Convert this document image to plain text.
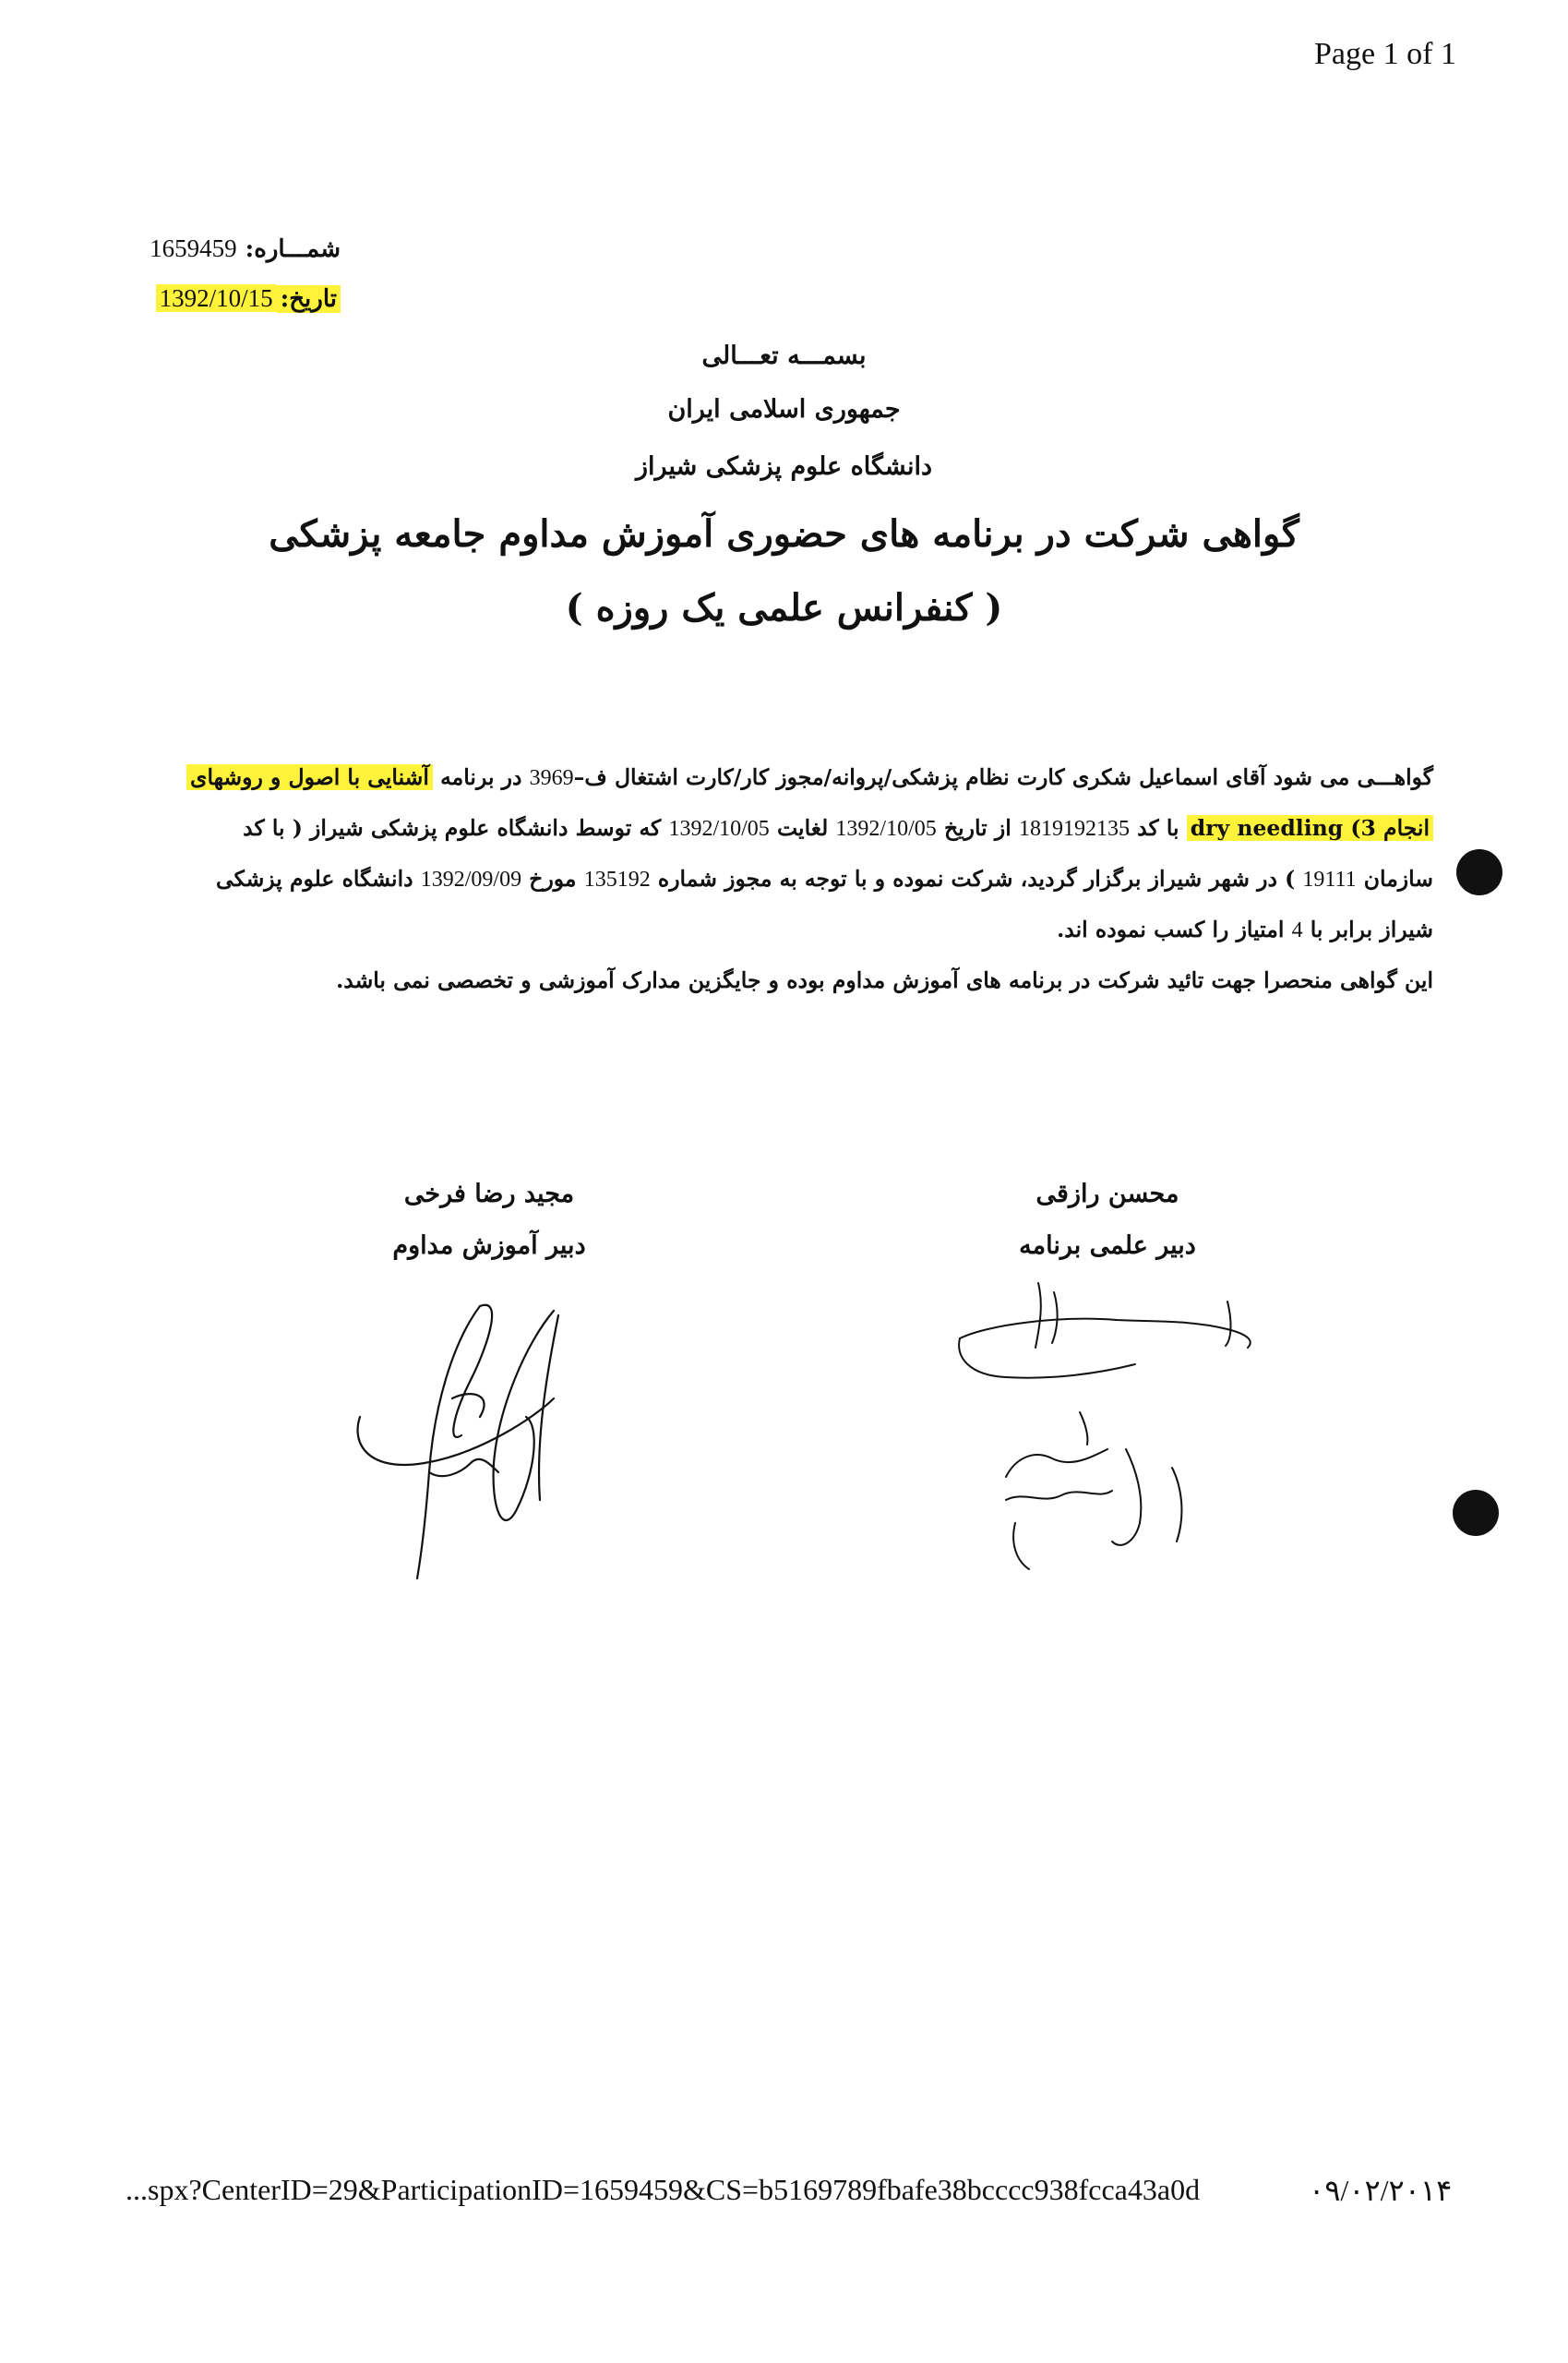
Page 1 of 1
شمـــاره: 1659459
تاریخ:1392/10/15
بسمـــه تعـــالی
جمهوری اسلامی ایران
دانشگاه علوم پزشکی شیراز
گواهی شرکت در برنامه های حضوری آموزش مداوم جامعه پزشکی
( کنفرانس علمی یک روزه )
گواهـــی می شود آقای اسماعیل شکری کارت نظام پزشکی/پروانه/مجوز کار/کارت اشتغال ف–3969 در برنامه آشنایی با اصول و روشهای
انجام 3) dry needling با کد 1819192135 از تاریخ 1392/10/05 لغایت 1392/10/05 که توسط دانشگاه علوم پزشکی شیراز ( با کد
سازمان 19111 ) در شهر شیراز برگزار گردید، شرکت نموده و با توجه به مجوز شماره 135192 مورخ 1392/09/09 دانشگاه علوم پزشکی
شیراز برابر با 4 امتیاز را کسب نموده اند.
این گواهی منحصرا جهت تائید شرکت در برنامه های آموزش مداوم بوده و جایگزین مدارک آموزشی و تخصصی نمی باشد.
مجید رضا فرخی
دبیر آموزش مداوم
محسن رازقی
دبیر علمی برنامه
...spx?CenterID=29&ParticipationID=1659459&CS=b5169789fbafe38bcccc938fcca43a0d	۰۹/۰۲/۲۰۱۴
